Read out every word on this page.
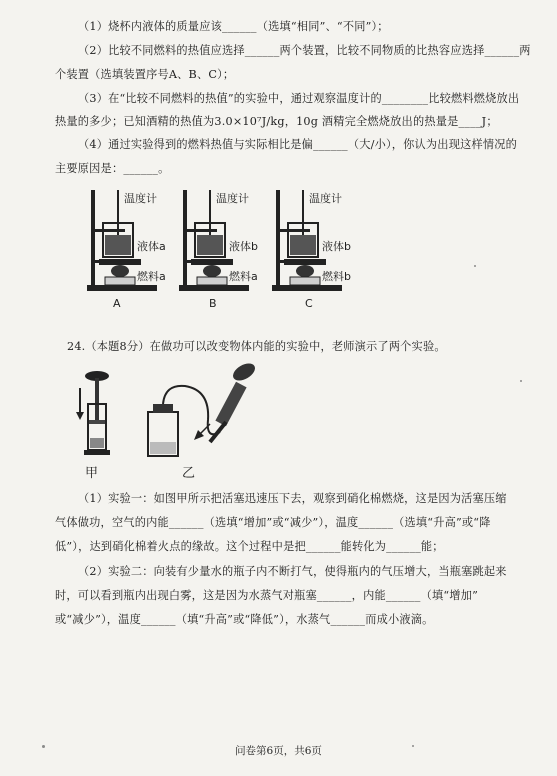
（1）烧杯内液体的质量应该______（选填“相同”、“不同”）；
（2）比较不同燃料的热值应选择______两个装置，比较不同物质的比热容应选择______两
个装置（选填装置序号A、B、C）；
（3）在“比较不同燃料的热值”的实验中，通过观察温度计的________比较燃料燃烧放出
热量的多少；已知酒精的热值为3.0×10⁷J/kg，10g 酒精完全燃烧放出的热量是____J；
（4）通过实验得到的燃料热值与实际相比是偏______（大/小），你认为出现这样情况的
主要原因是：______。
温度计
液体a
燃料a
A
温度计
液体b
燃料a
B
温度计
液体b
燃料b
C
24.（本题8分）在做功可以改变物体内能的实验中，老师演示了两个实验。
甲	乙
（1）实验一：如图甲所示把活塞迅速压下去，观察到硝化棉燃烧，这是因为活塞压缩
气体做功，空气的内能______（选填“增加”或“减少”），温度______（选填“升高”或“降
低”），达到硝化棉着火点的缘故。这个过程中是把______能转化为______能；
（2）实验二：向装有少量水的瓶子内不断打气，使得瓶内的气压增大，当瓶塞跳起来
时，可以看到瓶内出现白雾，这是因为水蒸气对瓶塞______，内能______（填“增加”
或“减少”），温度______（填“升高”或“降低”），水蒸气______而成小液滴。
问卷第6页，共6页
